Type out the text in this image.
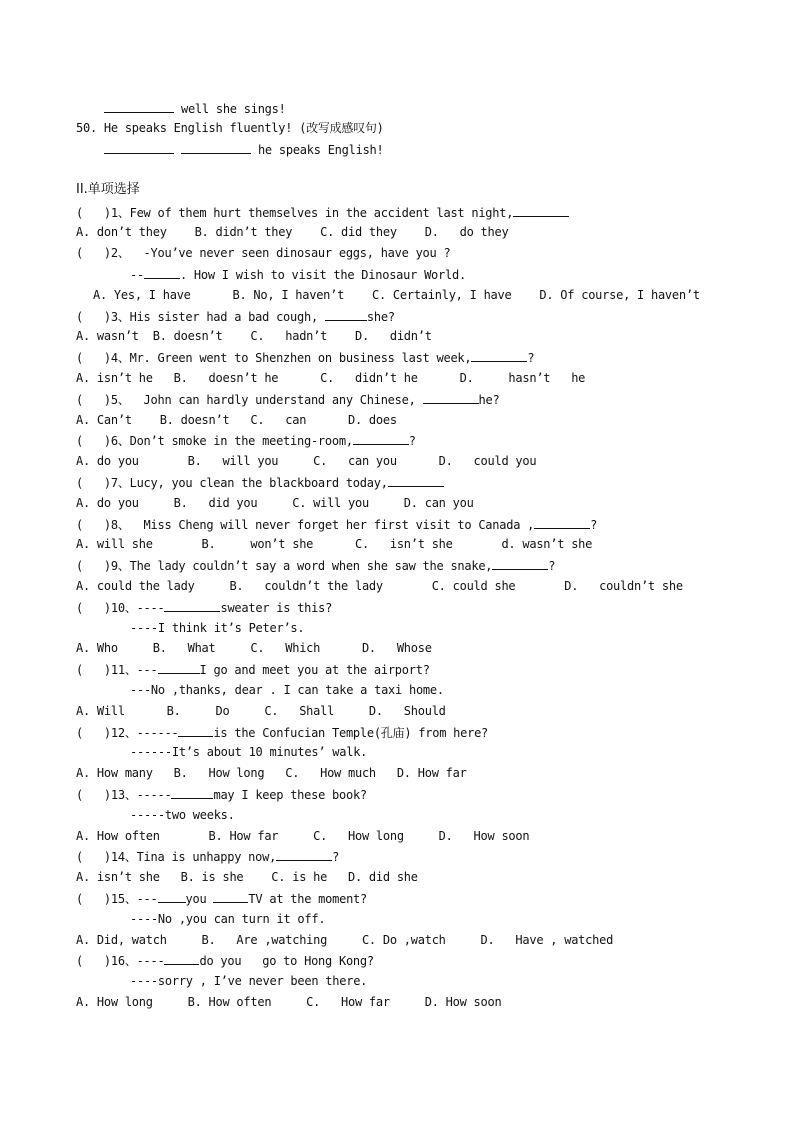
well she sings!
50. He speaks English fluently! (改写成感叹句)
he speaks English!
II.单项选择
(   )1、Few of them hurt themselves in the accident last night,
A. don’t they    B. didn’t they    C. did they    D.   do they
(   )2、  -You’ve never seen dinosaur eggs, have you ?
--	. How I wish to visit the Dinosaur World.
A. Yes, I have      B. No, I haven’t    C. Certainly, I have    D. Of course, I haven’t
(   )3、His sister had a bad cough,	she?
A. wasn’t  B. doesn’t    C.   hadn’t    D.   didn’t
(   )4、Mr. Green went to Shenzhen on business last week,	?
A. isn’t he   B.   doesn’t he      C.   didn’t he      D.     hasn’t   he
(   )5、  John can hardly understand any Chinese,	he?
A. Can’t    B. doesn’t   C.   can      D. does
(   )6、Don’t smoke in the meeting-room,	?
A. do you       B.   will you     C.   can you      D.   could you
(   )7、Lucy, you clean the blackboard today,
A. do you     B.   did you     C. will you     D. can you
(   )8、  Miss Cheng will never forget her first visit to Canada ,	?
A. will she       B.     won’t she      C.   isn’t she       d. wasn’t she
(   )9、The lady couldn’t say a word when she saw the snake,	?
A. could the lady     B.   couldn’t the lady       C. could she       D.   couldn’t she
(   )10、----	sweater is this?
----I think it’s Peter’s.
A. Who     B.   What     C.   Which      D.   Whose
(   )11、---	I go and meet you at the airport?
---No ,thanks, dear . I can take a taxi home.
A. Will      B.     Do     C.   Shall     D.   Should
(   )12、------	is the Confucian Temple(孔庙) from here?
------It’s about 10 minutes’ walk.
A. How many   B.   How long   C.   How much   D. How far
(   )13、-----	may I keep these book?
-----two weeks.
A. How often       B. How far     C.   How long     D.   How soon
(   )14、Tina is unhappy now,	?
A. isn’t she   B. is she    C. is he   D. did she
(   )15、--- you	TV at the moment?
----No ,you can turn it off.
A. Did, watch     B.   Are ,watching     C. Do ,watch     D.   Have , watched
(   )16、----	do you   go to Hong Kong?
----sorry , I’ve never been there.
A. How long     B. How often     C.   How far     D. How soon
